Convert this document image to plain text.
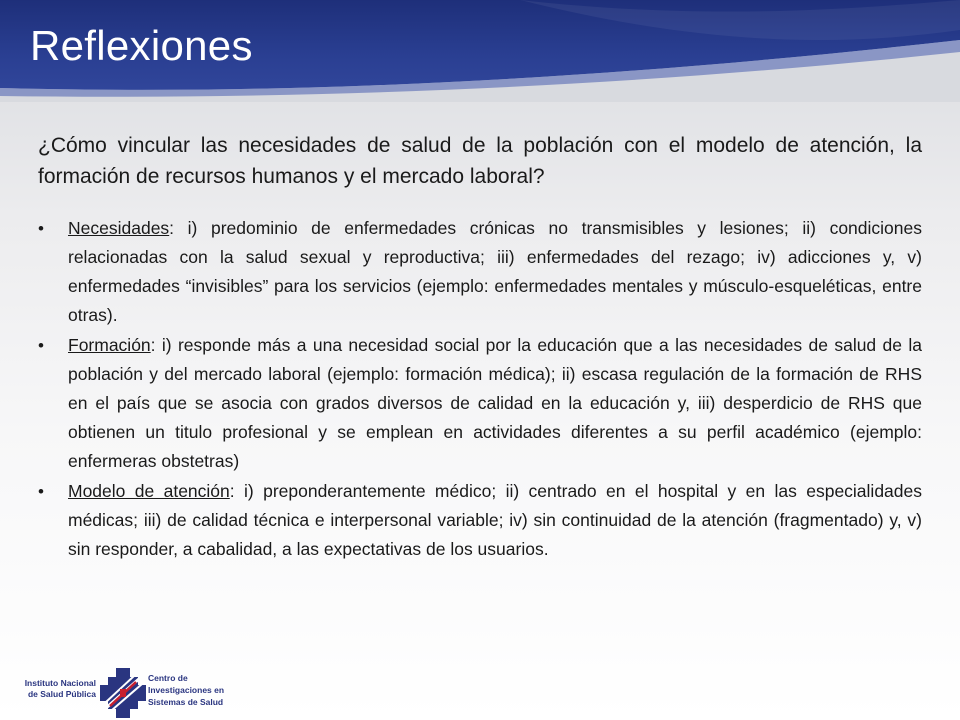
Reflexiones

¿Cómo vincular las necesidades de salud de la población con el modelo de atención, la formación de recursos humanos y el mercado laboral?

• Necesidades: i) predominio de enfermedades crónicas no transmisibles y lesiones; ii) condiciones relacionadas con la salud sexual y reproductiva; iii) enfermedades del rezago; iv) adicciones y, v) enfermedades “invisibles” para los servicios (ejemplo: enfermedades mentales y músculo-esqueléticas, entre otras).
• Formación: i) responde más a una necesidad social por la educación que a las necesidades de salud de la población y del mercado laboral (ejemplo: formación médica); ii) escasa regulación de la formación de RHS en el país que se asocia con grados diversos de calidad en la educación y, iii) desperdicio de RHS que obtienen un titulo profesional y se emplean en actividades diferentes a su perfil académico (ejemplo: enfermeras obstetras)
• Modelo de atención: i) preponderantemente médico; ii) centrado en el hospital y en las especialidades médicas; iii) de calidad técnica e interpersonal variable; iv) sin continuidad de la atención (fragmentado) y, v) sin responder, a cabalidad, a las expectativas de los usuarios.
Instituto Nacional
de Salud Pública
Centro de
Investigaciones en
Sistemas de Salud
